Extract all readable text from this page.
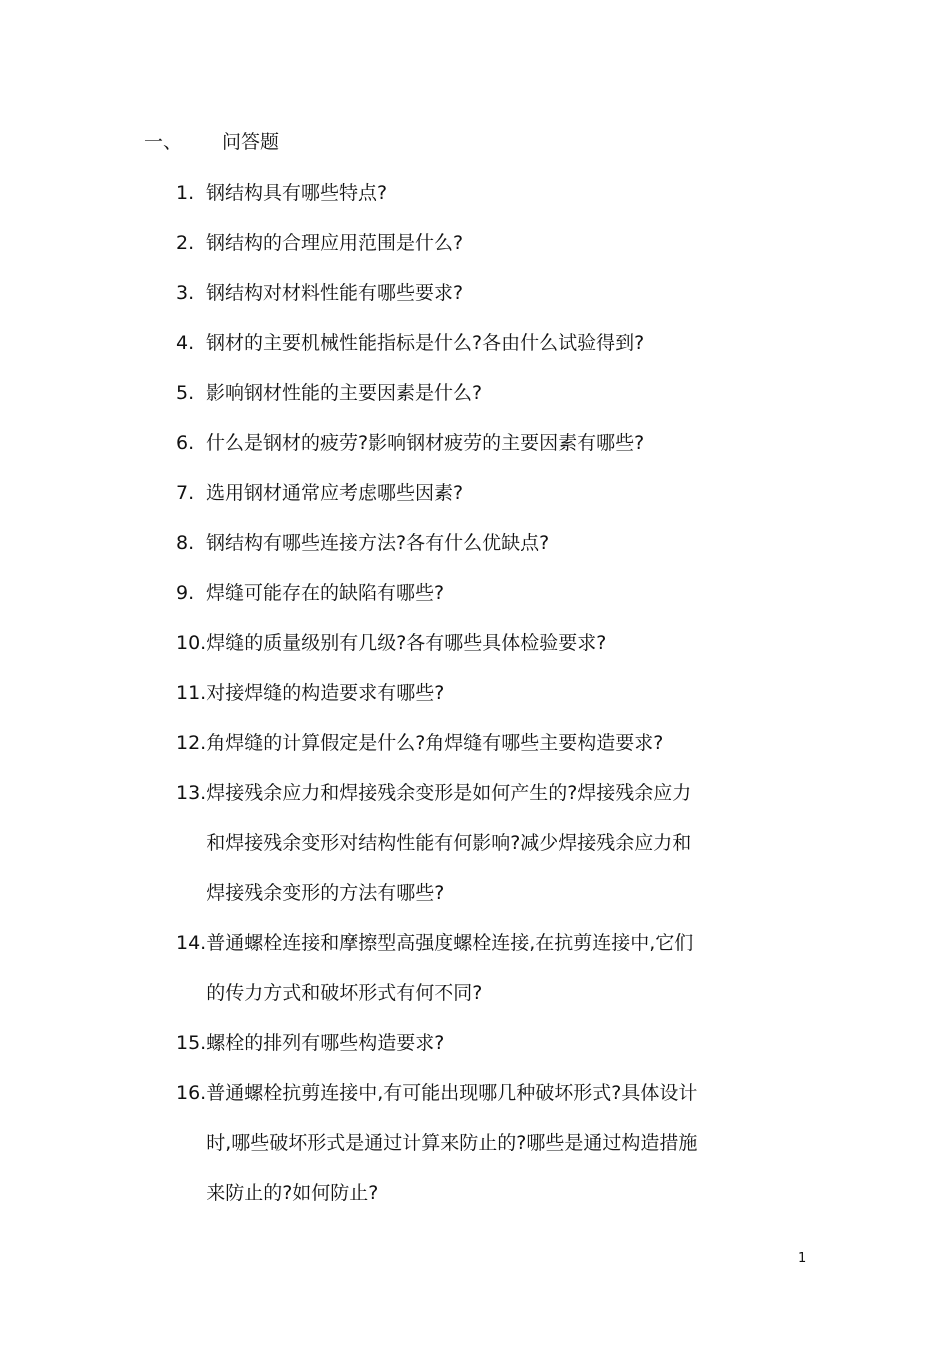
一、 问答题
1. 钢结构具有哪些特点?
2. 钢结构的合理应用范围是什么?
3. 钢结构对材料性能有哪些要求?
4. 钢材的主要机械性能指标是什么?各由什么试验得到?
5. 影响钢材性能的主要因素是什么?
6. 什么是钢材的疲劳?影响钢材疲劳的主要因素有哪些?
7. 选用钢材通常应考虑哪些因素?
8. 钢结构有哪些连接方法?各有什么优缺点?
9. 焊缝可能存在的缺陷有哪些?
10. 焊缝的质量级别有几级?各有哪些具体检验要求?
11. 对接焊缝的构造要求有哪些?
12. 角焊缝的计算假定是什么?角焊缝有哪些主要构造要求?
13. 焊接残余应力和焊接残余变形是如何产生的?焊接残余应力
和焊接残余变形对结构性能有何影响?减少焊接残余应力和
焊接残余变形的方法有哪些?
14. 普通螺栓连接和摩擦型高强度螺栓连接,在抗剪连接中,它们
的传力方式和破坏形式有何不同?
15. 螺栓的排列有哪些构造要求?
16. 普通螺栓抗剪连接中,有可能出现哪几种破坏形式?具体设计
时,哪些破坏形式是通过计算来防止的?哪些是通过构造措施
来防止的?如何防止?
1
